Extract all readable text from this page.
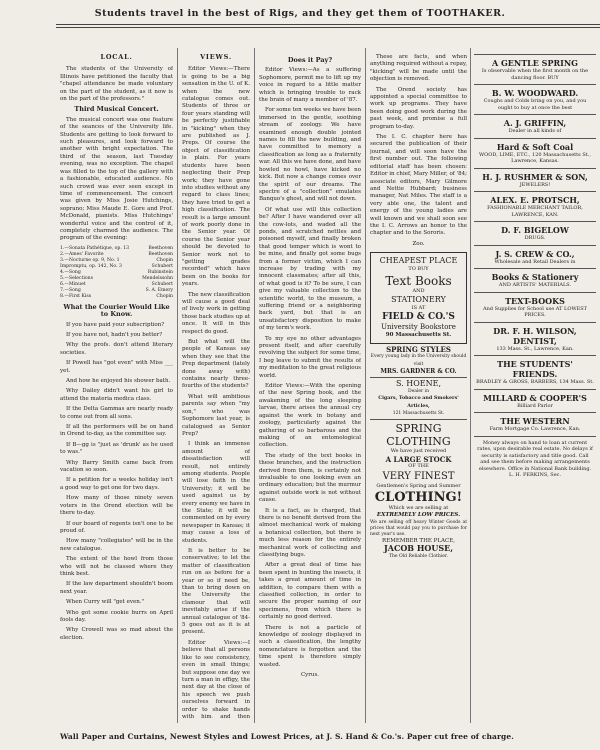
Students travel in the best of Rigs, and they get them of TOOTHAKER.
LOCAL.

The students of the University of Illinois have petitioned the faculty that "chapel attendance be made voluntary on the part of the student, as it now is on the part of the professors."

Third Musical Concert.

The musical concert was one feature of the seances of the University life. Students are getting to look forward to such pleasures, and look forward to another with bright expectation. The third of the season, last Tuesday evening, was no exception. The chapel was filled to the top of the gallery with a fashionable, educated audience. No such crowd was ever seen except in time of commencement. The concert was given by Miss Josie Hutchings, soprano; Miss Maude E. Gore and Prof. McDonald, pianists. Miss Hutchings' wonderful voice and the control of it, completely charmed the audience. The program of the evening:

1.—Sonata Pathétique, op. 13	Beethoven
2.—Ames' Favorite	Beethoven
3.—Nocturne op. 9, No. 1	Chopin
Impromptu, op. 142, No. 3	Schubert
4.—Song	Rubinstein
5.—Selections	Mendelssohn
6.—Minuet	Schubert
7.—Song	S. A. Emery
8.—First Kiss	Chopin

What the Courier Would Like to Know.

If you have paid your subscription?

If you have not, hadn't you better?

Why the profs. don't attend literary societies.

If Powell has "got even" with Miss ___ yet.

And how he enjoyed his shower bath.

Why Dailey didn't want his girl to attend the materia medica class.

If the Delta Gammas are nearly ready to come out from all sons.

If all the performers will be on hand in Orend to-day, as the committee say.

If B—gg is "just as 'drunk' as he used to was."

Why Barry Smith came back from vacation so soon.

If a petition for a weeks holiday isn't a good way to get one for two days.

How many of those ninety seven voters in the Orend election will be there to-day.

If our board of regents isn't one to be proud of.

How many "collegiates" will be in the new catalogue.

The extent of the howl from those who will not be classed where they think best.

If the law department shouldn't boom next year.

When Curry will "get even."

Who got some cookie burrs on April fools day.

Why Crowell was so mad about the election.

VIEWS.

Editor Views:—There is going to be a big sensation in the U. of K. when the new catalogue comes out. Students of three or four years standing will be perfectly justifiable in "kicking" when they are published as J. Preps. Of course the object of classification is plain. For years students have been neglecting their Prep work; they have gone into studies without any regard to class lines; they have tried to get a high classification. The result is a large amount of work poorly done in the Senior year. Of course the Senior year should be devoted to Senior work not to "getting grades recorded" which have been on the books for years.

The new classification will cause a good deal of lively work in getting those back studies up at once. It will in this respect do good.

But what will the people of Kansas say when they see that the Prep department (lately done away with) contains nearly three-fourths of the students?

What will ambitious parents say when "my son," who was Sophomore last year, is catalogued as Senior Prep?

I think an immense amount of dissatisfaction will result, not entirely among students. People will lose faith in the University; it will be used against us by every enemy we have in the State; it will be commented on by every newspaper in Kansas; it may cause a loss of students.

It is better to be conservative; to let the matter of classification run on as before for a year or so if need be, than to bring down on the University the clamour that will inevitably arise if the annual catalogue of '84-5 goes out as it is at present.

Editor Views:—I believe that all persons like to see consistency, even in small things; but suppose one day we turn a man in effigy, the next day at the close of his speech we push ourselves forward in order to shake hands with him, and then

Does it Pay?

Editor Views:—As a suffering Sophomore, permit me to lift up my voice in regard to a little matter which is bringing trouble to rack the brain of many a member of '87.

For some ten weeks we have been immersed in the gentle, soothing stream of zoology. We have examined enough double jointed names to fill the new building, and have committed to memory a classification as long as a fraternity war. All this we have done, and have howled no howl, have kicked no kick. But now a change comes over the spirit of our dreams. The spectre of a "collection" emulates Banquo's ghost, and will not down.

Of what use will this collection be? After I have wandered over all the cow-lots, and waded all the ponds, and scratched nettles and poisoned myself, and finally broken that good temper which is wont to be mine, and finally got some bugs from a former victim, which I can increase by trading with my innocent classmates; after all this, of what good is it? To be sure, I can give my valuable collection to the scientific world, to the museum, a suffering friend or a neighboring back yard, but that is an unsatisfactory disposition to make of my term's work.

To my eye no other advantages present itself, and after carefully revolving the subject for some time, I beg leave to submit the results of my meditation to the great religious world.

Editor Views:—With the opening of the new Spring book, and the awakening of the long sleeping larvae, there arises the annual cry against the work in botany and zoology, particularly against the gathering of so barbarous and the making of an entomological collection.

The study of the text books in these branches, and the instruction derived from them, is certainly not invaluable to one looking even an ordinary education; but the murmur against outside work is not without cause.

It is a fact, as is charged, that there is no benefit derived from the almost mechanical work of making a botanical collection, but there is much less reason for the entirely mechanical work of collecting and classifying bugs.

After a great deal of time has been spent in hunting the insects, it takes a great amount of time in addition, to compare them with a classified collection, in order to secure the proper naming of our specimens, from which there is certainly no good derived.

There is not a particle of knowledge of zoology displayed in such a classification, the lengthy nomenclature is forgotten and the time spent is therefore simply wasted.

Cyrus.

These are facts, and when anything required without a repay, "kicking" will be made until the objection is removed.

The Orend society has appointed a special committee to work up programs. They have been doing good work during the past week, and promise a full program to-day.

The I. C. chapter here has secured the publication of their journal, and will soon have the first number out. The following editorial staff has been chosen: Editor in chief, Mary Miller, of '84; associate editors, Mary Gilmore and Nettie Hubbard; business manager, Nat Miles. The staff is a very able one, the talent and energy of the young ladies are well known and we shall soon see the I. C. Arrows an honor to the chapter and to the Sororis.

Zoo.

CHEAPEST PLACE
TO BUY
Text Books
AND
STATIONERY
IS AT
FIELD & CO.'S
University Bookstore
90 Massachusetts St.
SPRING STYLES
Every young lady in the University should visit
MRS. GARDNER & CO.
S. HOENE,
Dealer in
Cigars, Tobacco and Smokers' Articles,
121 Massachusetts St.
SPRING CLOTHING
We have just received
A LARGE STOCK
OF THE
VERY FINEST
Gentlemen's Spring and Summer
CLOTHING!
Which we are selling at
EXTREMELY LOW PRICES.
We are selling off heavy Winter Goods at prices that would pay you to purchase for next year's use.
REMEMBER THE PLACE,
JACOB HOUSE,
The Old Reliable Clothier.
A GENTLE SPRING
Is observable when the first month on the dancing floor. BUY
B. W. WOODWARD.
Coughs and Colds bring on you, and you ought to buy at once the best
A. J. GRIFFIN,
Dealer in all kinds of
Hard & Soft Coal
WOOD, LIME, ETC., 120 Massachusetts St., Lawrence, Kansas.
H. J. RUSHMER & SON,
JEWELERS!
ALEX. E. PROTSCH,
FASHIONABLE MERCHANT TAILOR, LAWRENCE, KAN.
D. F. BIGELOW
DRUGS.
J. S. CREW & CO.,
Wholesale and Retail Dealers in
Books & Stationery
AND ARTISTS' MATERIALS.
TEXT-BOOKS
And Supplies for School use AT LOWEST PRICES.
DR. F. H. WILSON, DENTIST,
133 Mass. St., Lawrence, Kan.
THE STUDENTS' FRIENDS.
BRADLEY & GROSS, BARBERS, 134 Mass. St.
MILLARD & COOPER'S
Billiard Parlor
THE WESTERN
Farm Mortgage Co. Lawrence, Kan.
Money always on hand to loan at current rates, upon desirable real estate. No delays if security is satisfactory and title good. Call and see them before making arrangements elsewhere. Office in National Bank building. L. H. PERKINS, Sec.
Wall Paper and Curtains, Newest Styles and Lowest Prices, at J. S. Hand & Co.'s. Paper cut free of charge.
